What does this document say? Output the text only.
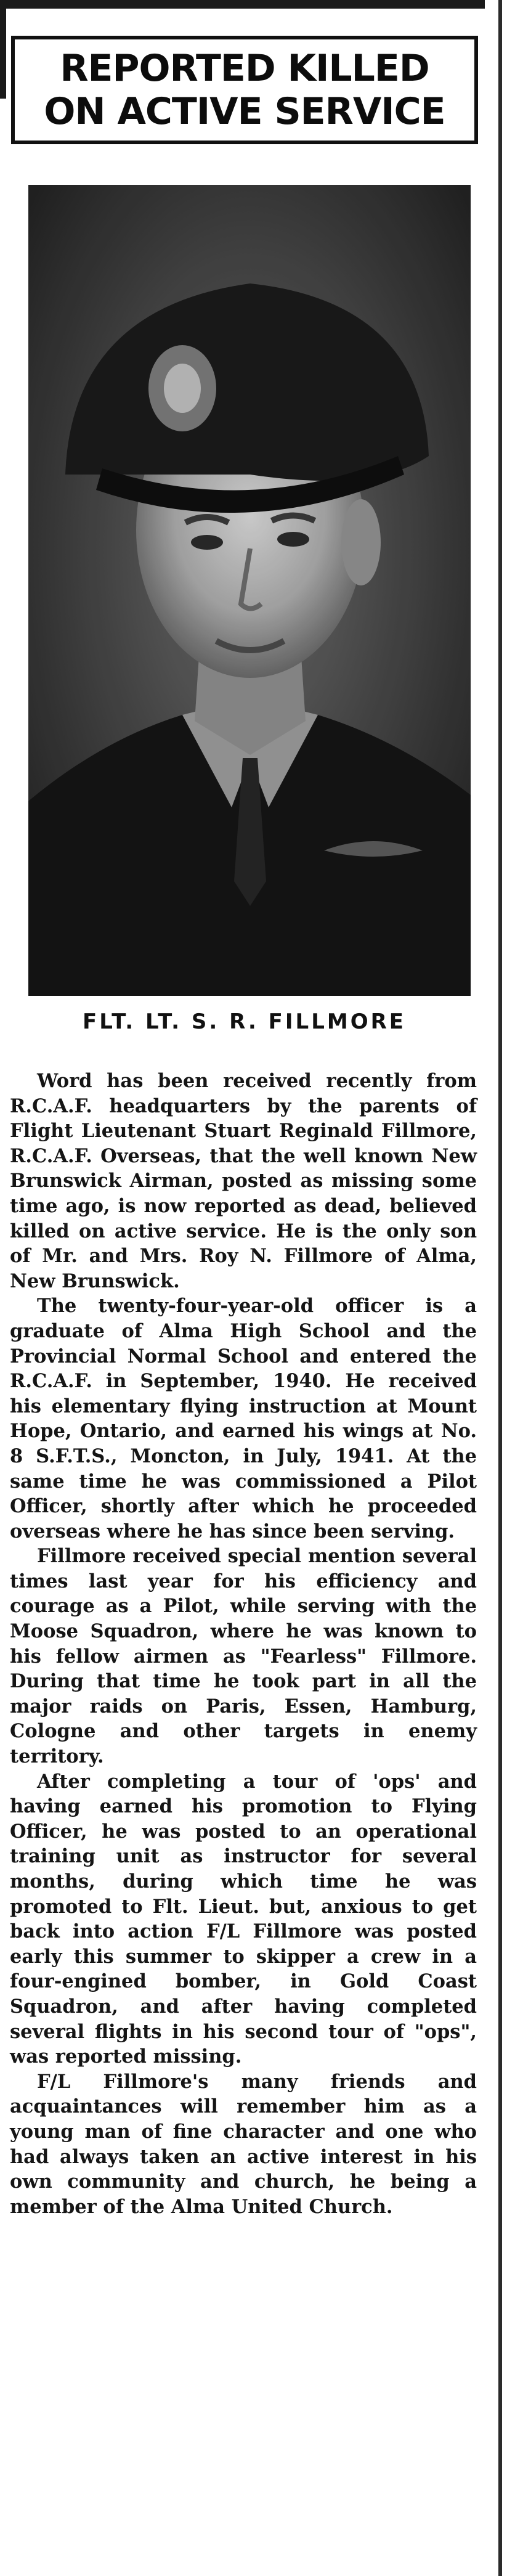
REPORTED KILLED
ON ACTIVE SERVICE
FLT. LT. S. R. FILLMORE

Word has been received recently from R.C.A.F. headquarters by the parents of Flight Lieutenant Stuart Reginald Fillmore, R.C.A.F. Overseas, that the well known New Brunswick Airman, posted as missing some time ago, is now reported as dead, believed killed on active service. He is the only son of Mr. and Mrs. Roy N. Fillmore of Alma, New Brunswick.

The twenty-four-year-old officer is a graduate of Alma High School and the Provincial Normal School and entered the R.C.A.F. in September, 1940. He received his elementary flying instruction at Mount Hope, Ontario, and earned his wings at No. 8 S.F.T.S., Moncton, in July, 1941. At the same time he was commissioned a Pilot Officer, shortly after which he proceeded overseas where he has since been serving.

Fillmore received special mention several times last year for his efficiency and courage as a Pilot, while serving with the Moose Squadron, where he was known to his fellow airmen as "Fearless" Fillmore. During that time he took part in all the major raids on Paris, Essen, Hamburg, Cologne and other targets in enemy territory.

After completing a tour of 'ops' and having earned his promotion to Flying Officer, he was posted to an operational training unit as instructor for several months, during which time he was promoted to Flt. Lieut. but, anxious to get back into action F/L Fillmore was posted early this summer to skipper a crew in a four-engined bomber, in Gold Coast Squadron, and after having completed several flights in his second tour of "ops", was reported missing.

F/L Fillmore's many friends and acquaintances will remember him as a young man of fine character and one who had always taken an active interest in his own community and church, he being a member of the Alma United Church.
